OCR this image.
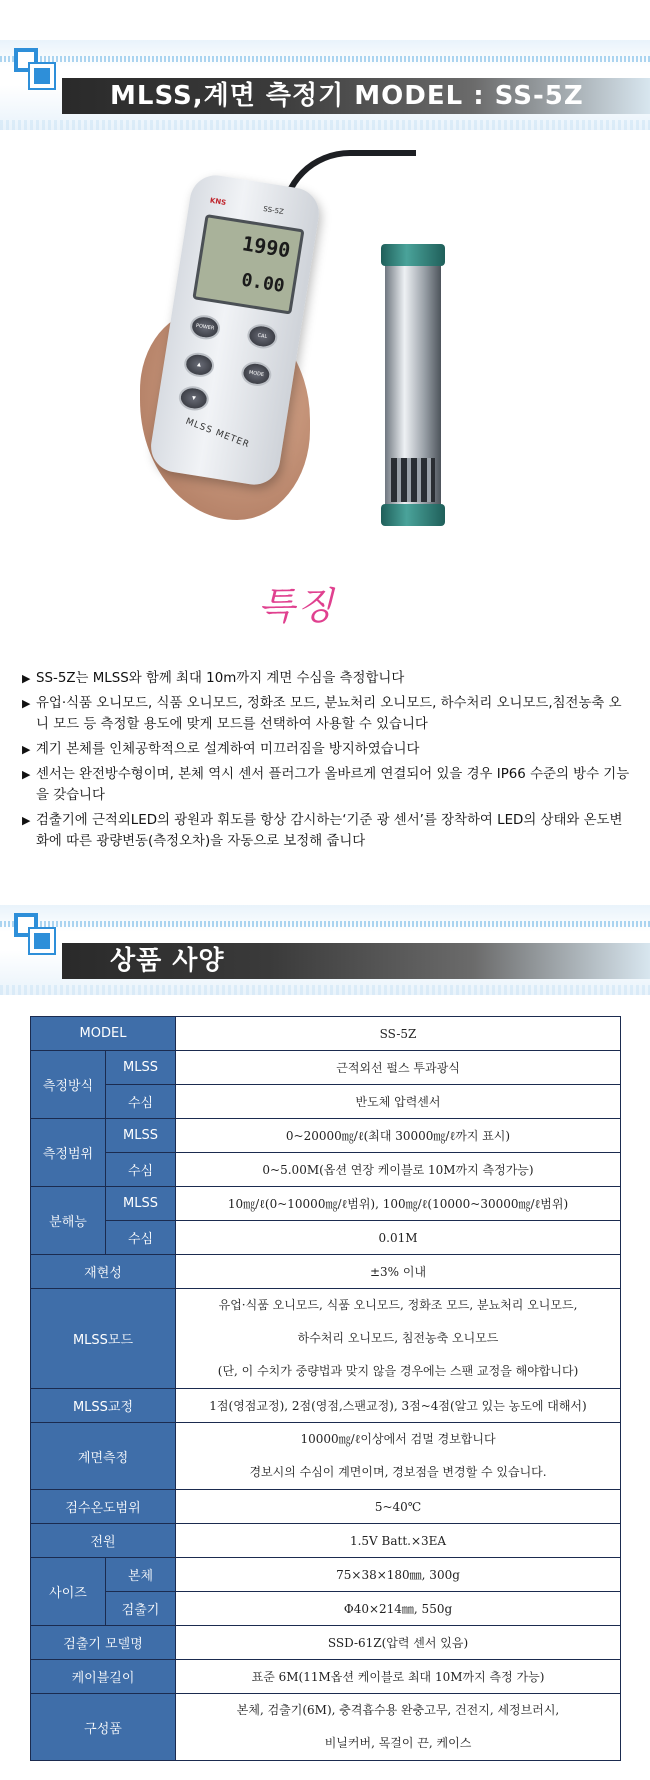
MLSS,계면 측정기 MODEL : SS-5Z
KNS
SS-5Z
1990
0.00
POWER
CAL
MODE
▲
▼
MLSS METER
특징
▶ SS-5Z는 MLSS와 함께 최대 10m까지 계면 수심을 측정합니다
▶ 유업·식품 오니모드, 식품 오니모드, 정화조 모드, 분뇨처리 오니모드, 하수처리 오니모드,침전농축 오니 모드 등 측정할 용도에 맞게 모드를 선택하여 사용할 수 있습니다
▶ 계기 본체를 인체공학적으로 설계하여 미끄러짐을 방지하였습니다
▶ 센서는 완전방수형이며, 본체 역시 센서 플러그가 올바르게 연결되어 있을 경우 IP66 수준의 방수 기능을 갖습니다
▶ 검출기에 근적외LED의 광원과 휘도를 항상 감시하는‘기준 광 센서’를 장착하여 LED의 상태와 온도변화에 따른 광량변동(측정오차)을 자동으로 보정해 줍니다
상품 사양
MODEL		SS-5Z
측정방식	MLSS	근적외선 펄스 투과광식
	수심	반도체 압력센서
측정범위	MLSS	0~20000㎎/ℓ(최대 30000㎎/ℓ까지 표시)
	수심	0~5.00M(옵션 연장 케이블로 10M까지 측정가능)
분해능	MLSS	10㎎/ℓ(0~10000㎎/ℓ범위), 100㎎/ℓ(10000~30000㎎/ℓ범위)
	수심	0.01M
재현성		±3% 이내
MLSS모드		유업·식품 오니모드, 식품 오니모드, 정화조 모드, 분뇨처리 오니모드,
하수처리 오니모드, 침전농축 오니모드
(단, 이 수치가 중량법과 맞지 않을 경우에는 스팬 교정을 해야합니다)

MLSS교정		1점(영점교정), 2점(영점,스팬교정), 3점~4점(알고 있는 농도에 대해서)
계면측정		10000㎎/ℓ이상에서 검멀 경보합니다
경보시의 수심이 계면이며, 경보점을 변경할 수 있습니다.

검수온도범위		5~40℃
전원		1.5V Batt.×3EA
사이즈	본체	75×38×180㎜, 300g
	검출기	Φ40×214㎜, 550g
검출기 모델명		SSD-61Z(압력 센서 있음)
케이블길이		표준 6M(11M옵션 케이블로 최대 10M까지 측정 가능)
구성품		본체, 검출기(6M), 충격흡수용 완충고무, 건전지, 세정브러시,
비닐커버, 목걸이 끈, 케이스
